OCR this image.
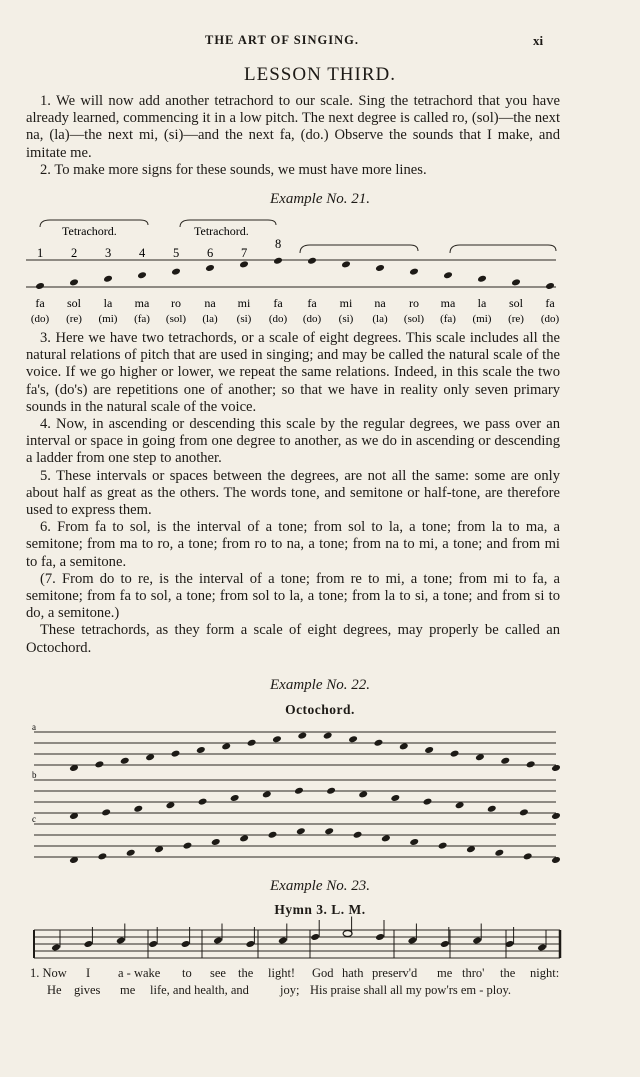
THE ART OF SINGING.	xi
LESSON THIRD.

1. We will now add another tetrachord to our scale. Sing the tetrachord that you have already learned, commencing it in a low pitch. The next degree is called ro, (sol)—the next na, (la)—the next mi, (si)—and the next fa, (do.) Observe the sounds that I make, and imitate me.

2. To make more signs for these sounds, we must have more lines.

Example No. 21.
Tetrachord.	Tetrachord.
1
fa
(do)
2
sol
(re)
3
la
(mi)
4
ma
(fa)
5
ro
(sol)
6
na
(la)
7
mi
(si)
8
fa
(do)
fa
(do)
mi
(si)
na
(la)
ro
(sol)
ma
(fa)
la
(mi)
sol
(re)
fa
(do)

3. Here we have two tetrachords, or a scale of eight degrees. This scale includes all the natural relations of pitch that are used in singing; and may be called the natural scale of the voice. If we go higher or lower, we repeat the same relations. Indeed, in this scale the two fa's, (do's) are repetitions one of another; so that we have in reality only seven primary sounds in the natural scale of the voice.

4. Now, in ascending or descending this scale by the regular degrees, we pass over an interval or space in going from one degree to another, as we do in ascending or descending a ladder from one step to another.

5. These intervals or spaces between the degrees, are not all the same: some are only about half as great as the others. The words tone, and semitone or half-tone, are therefore used to express them.

6. From fa to sol, is the interval of a tone; from sol to la, a tone; from la to ma, a semitone; from ma to ro, a tone; from ro to na, a tone; from na to mi, a tone; and from mi to fa, a semitone.

(7. From do to re, is the interval of a tone; from re to mi, a tone; from mi to fa, a semitone; from fa to sol, a tone; from sol to la, a tone; from la to si, a tone; and from si to do, a semitone.)

These tetrachords, as they form a scale of eight degrees, may properly be called an Octochord.

Example No. 22.
Octochord.
a
b
c
Example No. 23.
Hymn 3. L. M.
1. Now I a - wake to see the light! God hath preserv'd me thro' the night:
He gives me life, and health, and joy; His praise shall all my pow'rs em - ploy.
